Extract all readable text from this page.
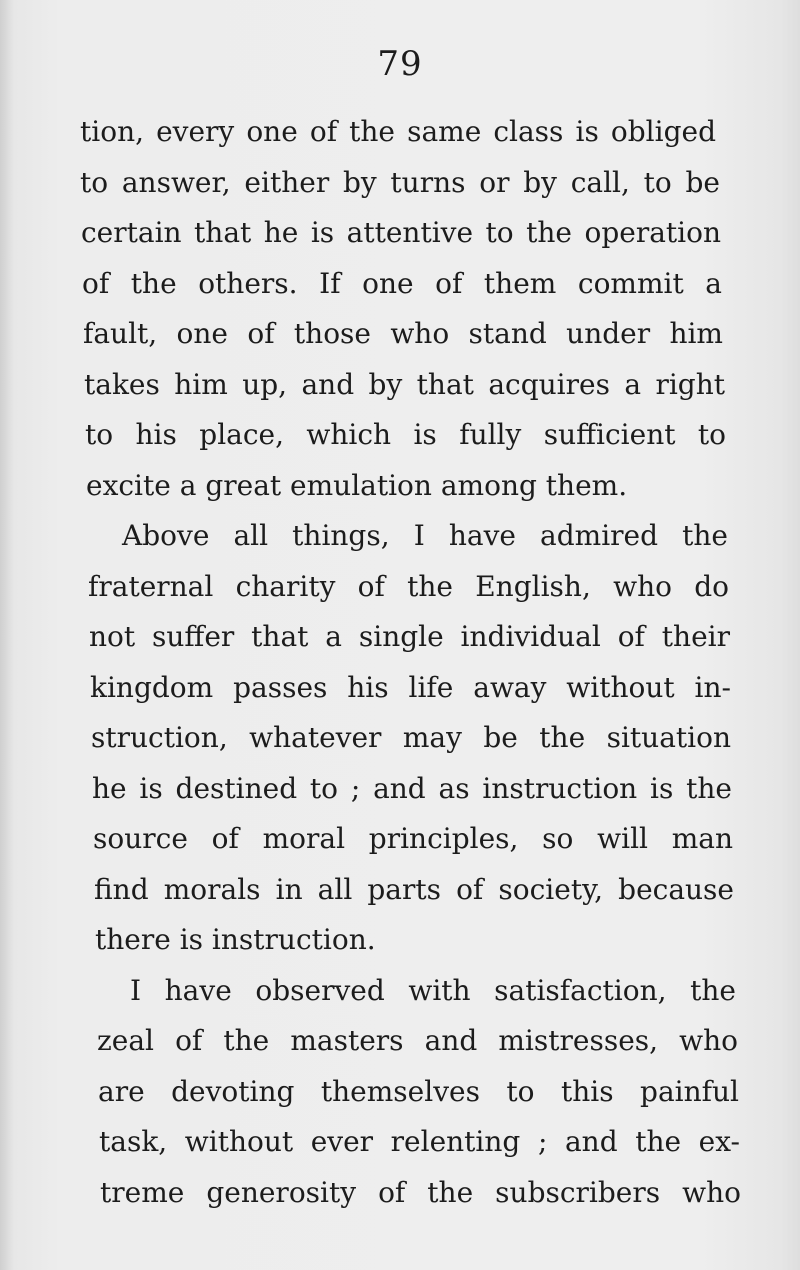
79
tion, every one of the same class is obliged
to answer, either by turns or by call, to be
certain that he is attentive to the operation
of the others. If one of them commit a
fault, one of those who stand under him
takes him up, and by that acquires a right
to his place, which is fully sufficient to
excite a great emulation among them.
Above all things, I have admired the
fraternal charity of the English, who do
not suffer that a single individual of their
kingdom passes his life away without in-
struction, whatever may be the situation
he is destined to ; and as instruction is the
source of moral principles, so will man
find morals in all parts of society, because
there is instruction.
I have observed with satisfaction, the
zeal of the masters and mistresses, who
are devoting themselves to this painful
task, without ever relenting ; and the ex-
treme generosity of the subscribers who
